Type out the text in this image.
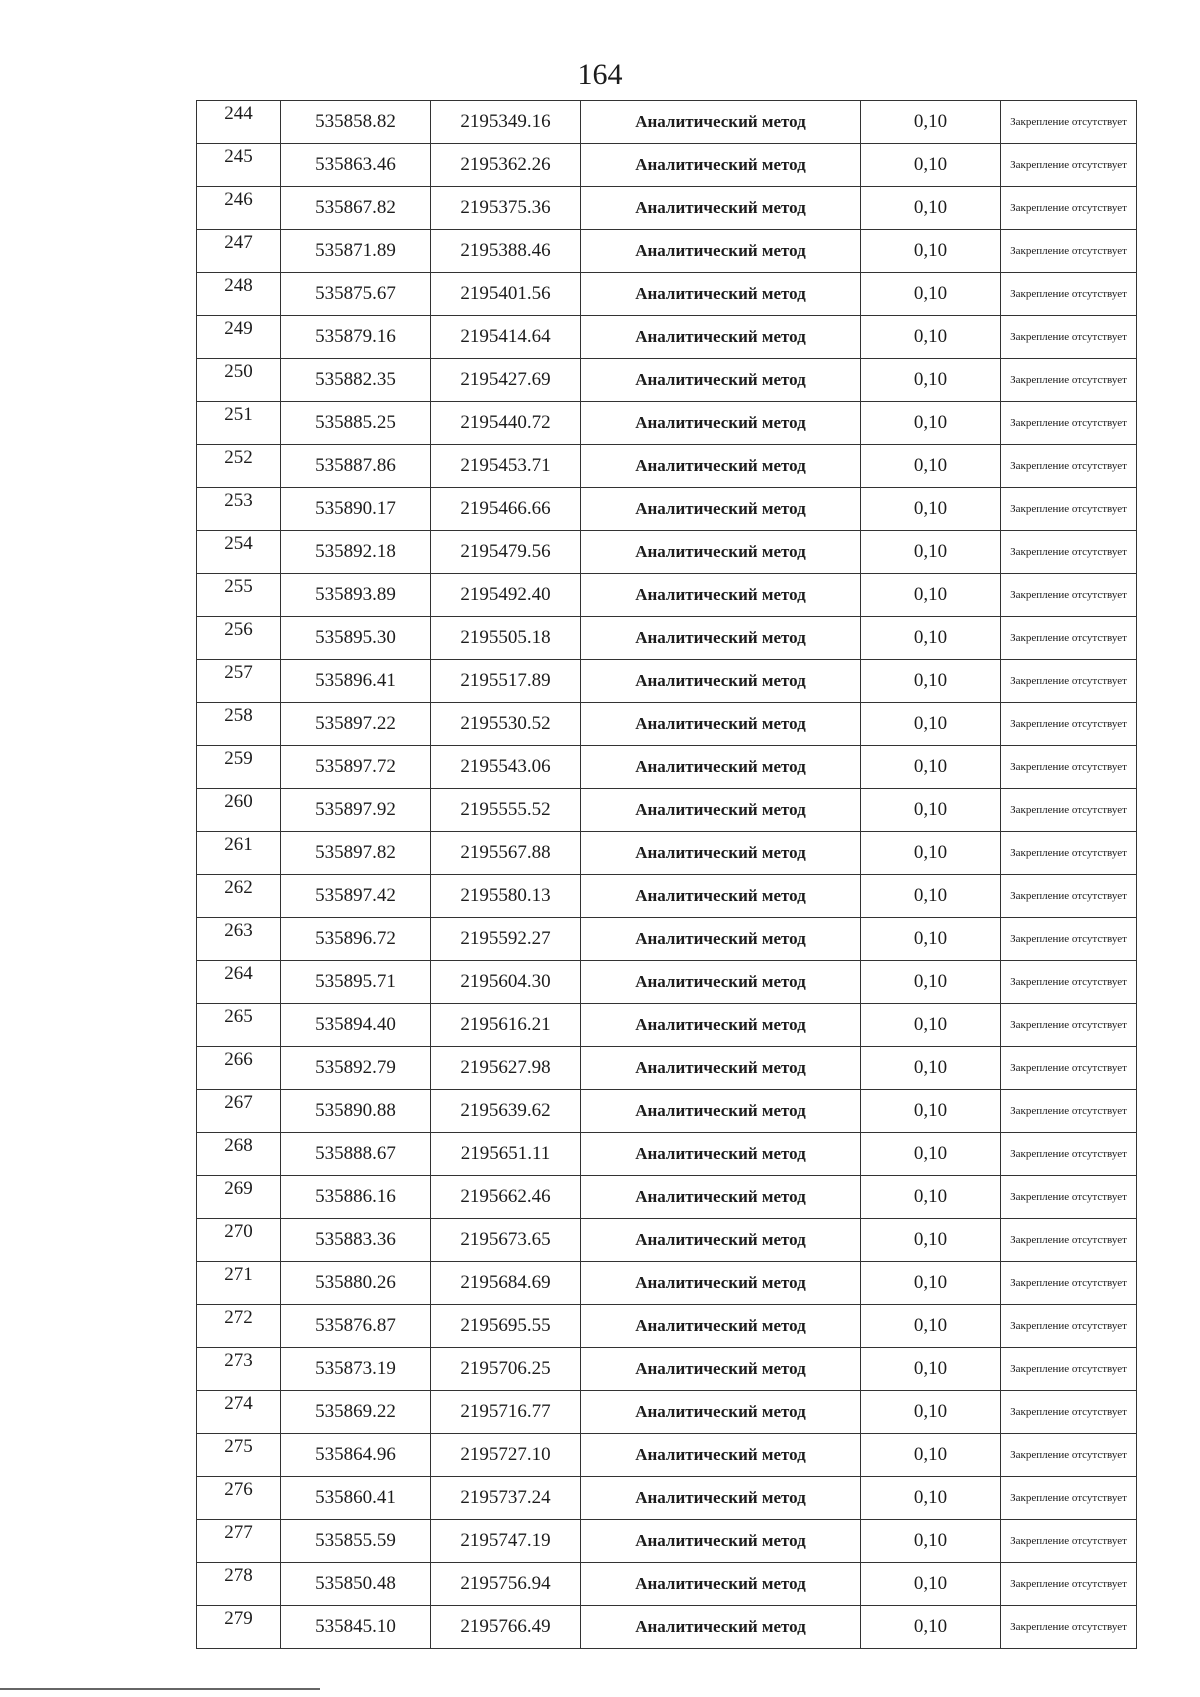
164
244	535858.82	2195349.16	Аналитический метод	0,10	Закрепление отсутствует
245	535863.46	2195362.26	Аналитический метод	0,10	Закрепление отсутствует
246	535867.82	2195375.36	Аналитический метод	0,10	Закрепление отсутствует
247	535871.89	2195388.46	Аналитический метод	0,10	Закрепление отсутствует
248	535875.67	2195401.56	Аналитический метод	0,10	Закрепление отсутствует
249	535879.16	2195414.64	Аналитический метод	0,10	Закрепление отсутствует
250	535882.35	2195427.69	Аналитический метод	0,10	Закрепление отсутствует
251	535885.25	2195440.72	Аналитический метод	0,10	Закрепление отсутствует
252	535887.86	2195453.71	Аналитический метод	0,10	Закрепление отсутствует
253	535890.17	2195466.66	Аналитический метод	0,10	Закрепление отсутствует
254	535892.18	2195479.56	Аналитический метод	0,10	Закрепление отсутствует
255	535893.89	2195492.40	Аналитический метод	0,10	Закрепление отсутствует
256	535895.30	2195505.18	Аналитический метод	0,10	Закрепление отсутствует
257	535896.41	2195517.89	Аналитический метод	0,10	Закрепление отсутствует
258	535897.22	2195530.52	Аналитический метод	0,10	Закрепление отсутствует
259	535897.72	2195543.06	Аналитический метод	0,10	Закрепление отсутствует
260	535897.92	2195555.52	Аналитический метод	0,10	Закрепление отсутствует
261	535897.82	2195567.88	Аналитический метод	0,10	Закрепление отсутствует
262	535897.42	2195580.13	Аналитический метод	0,10	Закрепление отсутствует
263	535896.72	2195592.27	Аналитический метод	0,10	Закрепление отсутствует
264	535895.71	2195604.30	Аналитический метод	0,10	Закрепление отсутствует
265	535894.40	2195616.21	Аналитический метод	0,10	Закрепление отсутствует
266	535892.79	2195627.98	Аналитический метод	0,10	Закрепление отсутствует
267	535890.88	2195639.62	Аналитический метод	0,10	Закрепление отсутствует
268	535888.67	2195651.11	Аналитический метод	0,10	Закрепление отсутствует
269	535886.16	2195662.46	Аналитический метод	0,10	Закрепление отсутствует
270	535883.36	2195673.65	Аналитический метод	0,10	Закрепление отсутствует
271	535880.26	2195684.69	Аналитический метод	0,10	Закрепление отсутствует
272	535876.87	2195695.55	Аналитический метод	0,10	Закрепление отсутствует
273	535873.19	2195706.25	Аналитический метод	0,10	Закрепление отсутствует
274	535869.22	2195716.77	Аналитический метод	0,10	Закрепление отсутствует
275	535864.96	2195727.10	Аналитический метод	0,10	Закрепление отсутствует
276	535860.41	2195737.24	Аналитический метод	0,10	Закрепление отсутствует
277	535855.59	2195747.19	Аналитический метод	0,10	Закрепление отсутствует
278	535850.48	2195756.94	Аналитический метод	0,10	Закрепление отсутствует
279	535845.10	2195766.49	Аналитический метод	0,10	Закрепление отсутствует
